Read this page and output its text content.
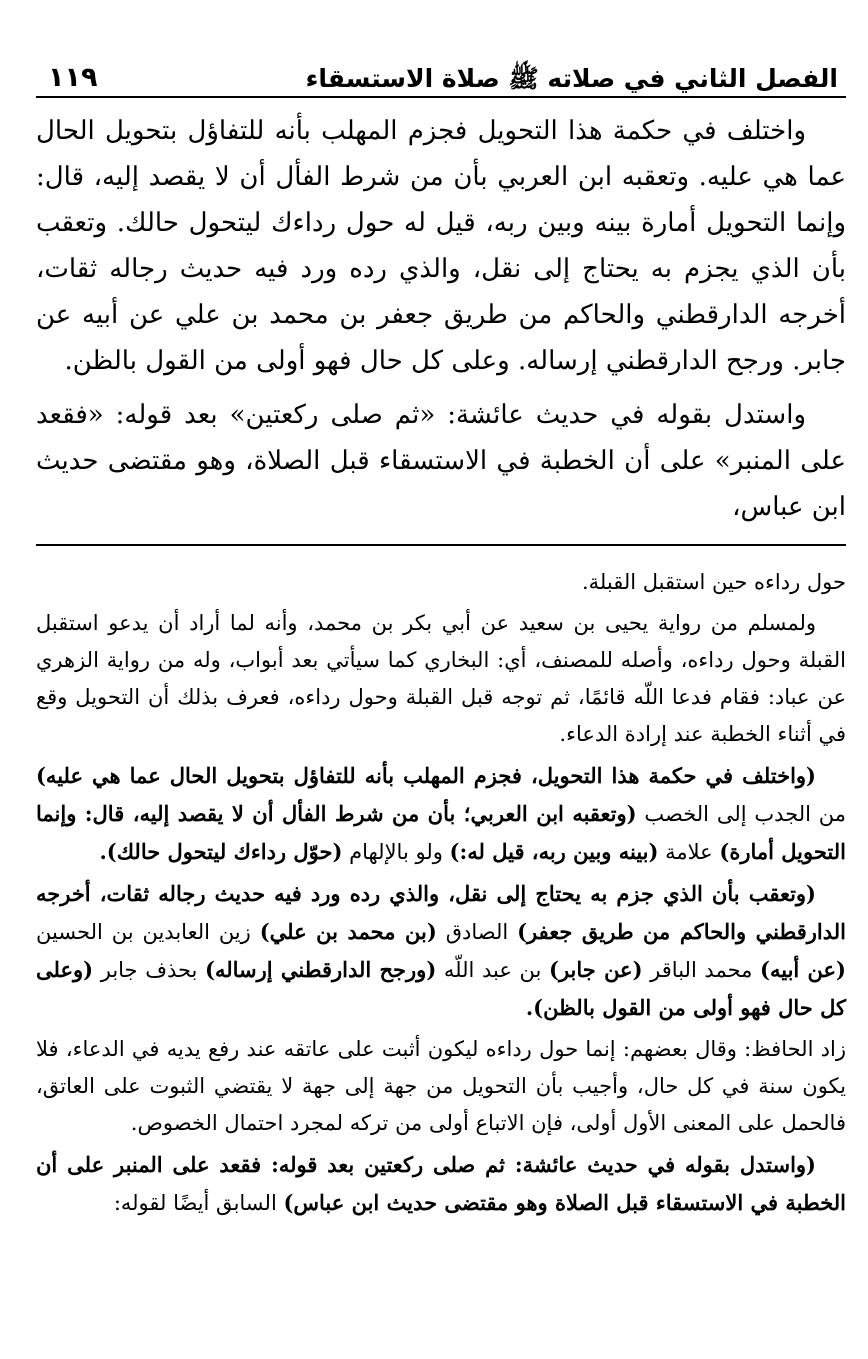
الفصل الثاني في صلاته ﷺ صلاة الاستسقاء
١١٩

واختلف في حكمة هذا التحويل فجزم المهلب بأنه للتفاؤل بتحويل الحال عما هي عليه. وتعقبه ابن العربي بأن من شرط الفأل أن لا يقصد إليه، قال: وإنما التحويل أمارة بينه وبين ربه، قيل له حول رداءك ليتحول حالك. وتعقب بأن الذي يجزم به يحتاج إلى نقل، والذي رده ورد فيه حديث رجاله ثقات، أخرجه الدارقطني والحاكم من طريق جعفر بن محمد بن علي عن أبيه عن جابر. ورجح الدارقطني إرساله. وعلى كل حال فهو أولى من القول بالظن.

واستدل بقوله في حديث عائشة: «ثم صلى ركعتين» بعد قوله: «فقعد على المنبر» على أن الخطبة في الاستسقاء قبل الصلاة، وهو مقتضى حديث ابن عباس،

حول رداءه حين استقبل القبلة.

ولمسلم من رواية يحيى بن سعيد عن أبي بكر بن محمد، وأنه لما أراد أن يدعو استقبل القبلة وحول رداءه، وأصله للمصنف، أي: البخاري كما سيأتي بعد أبواب، وله من رواية الزهري عن عباد: فقام فدعا اللّه قائمًا، ثم توجه قبل القبلة وحول رداءه، فعرف بذلك أن التحويل وقع في أثناء الخطبة عند إرادة الدعاء.

(واختلف في حكمة هذا التحويل، فجزم المهلب بأنه للتفاؤل بتحويل الحال عما هي عليه) من الجدب إلى الخصب (وتعقبه ابن العربي؛ بأن من شرط الفأل أن لا يقصد إليه، قال: وإنما التحويل أمارة) علامة (بينه وبين ربه، قيل له:) ولو بالإلهام (حوّل رداءك ليتحول حالك).

(وتعقب بأن الذي جزم به يحتاج إلى نقل، والذي رده ورد فيه حديث رجاله ثقات، أخرجه الدارقطني والحاكم من طريق جعفر) الصادق (بن محمد بن علي) زين العابدين بن الحسين (عن أبيه) محمد الباقر (عن جابر) بن عبد اللّه (ورجح الدارقطني إرساله) بحذف جابر (وعلى كل حال فهو أولى من القول بالظن).

زاد الحافظ: وقال بعضهم: إنما حول رداءه ليكون أثبت على عاتقه عند رفع يديه في الدعاء، فلا يكون سنة في كل حال، وأجيب بأن التحويل من جهة إلى جهة لا يقتضي الثبوت على العاتق، فالحمل على المعنى الأول أولى، فإن الاتباع أولى من تركه لمجرد احتمال الخصوص.

(واستدل بقوله في حديث عائشة: ثم صلى ركعتين بعد قوله: فقعد على المنبر على أن الخطبة في الاستسقاء قبل الصلاة وهو مقتضى حديث ابن عباس) السابق أيضًا لقوله:
